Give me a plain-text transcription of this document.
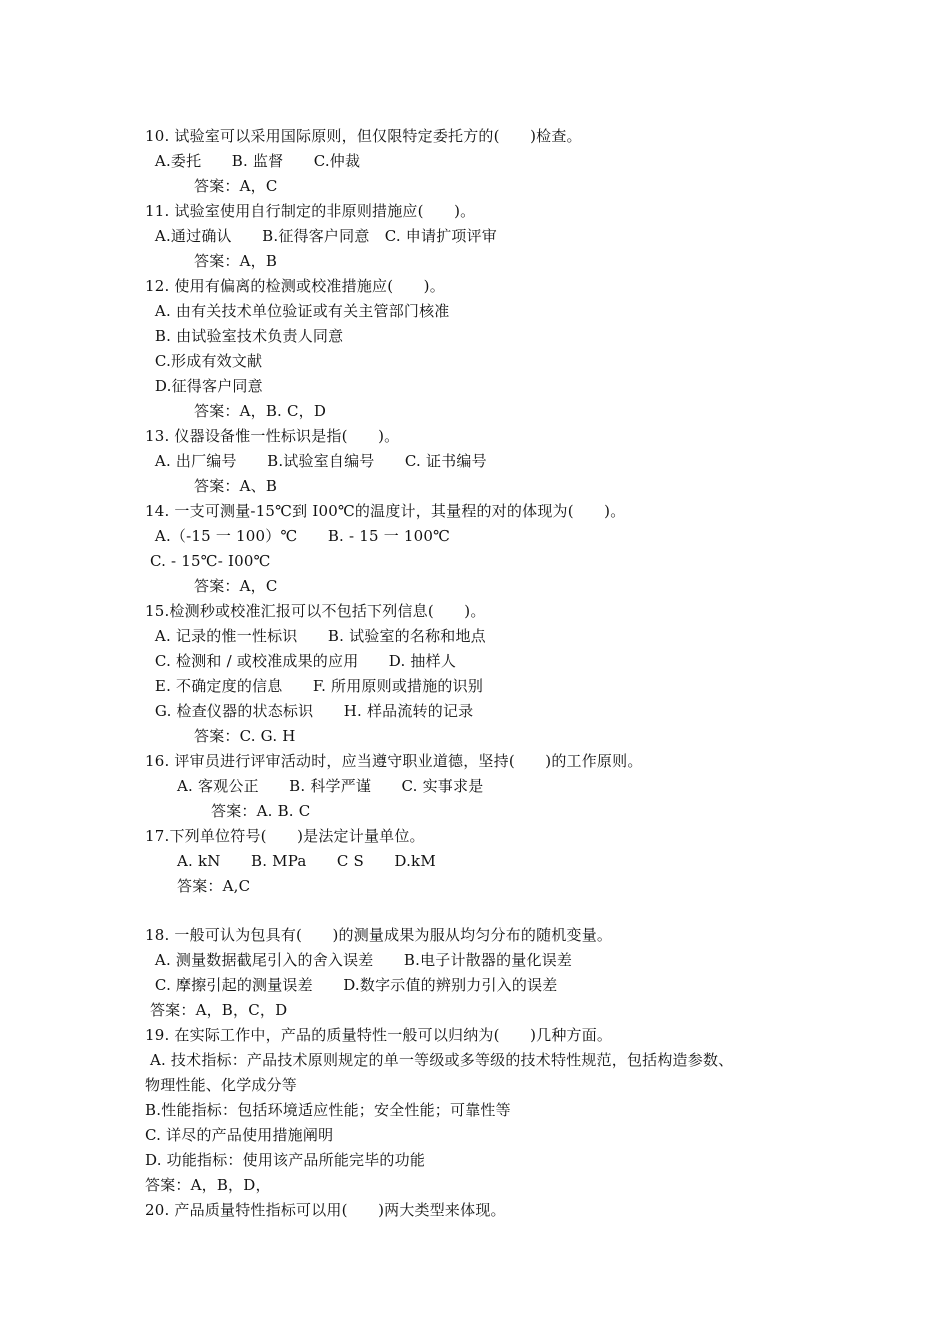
10. 试验室可以采用国际原则，但仅限特定委托方的(　　)检查。
A.委托　　B. 监督　　C.仲裁
答案：A，C
11. 试验室使用自行制定的非原则措施应(　　)。
A.通过确认　　B.征得客户同意　C. 申请扩项评审
答案：A，B
12. 使用有偏离的检测或校准措施应(　　)。
A. 由有关技术单位验证或有关主管部门核准
B. 由试验室技术负责人同意
C.形成有效文献
D.征得客户同意
答案：A，B. C，D
13. 仪器设备惟一性标识是指(　　)。
A. 出厂编号　　B.试验室自编号　　C. 证书编号
答案：A、B
14. 一支可测量-15℃到 I00℃的温度计，其量程的对的体现为(　　)。
A.（-15 一 100）℃　　B. - 15 一 100℃
C. - 15℃- I00℃
答案：A，C
15.检测秒或校准汇报可以不包括下列信息(　　)。
A. 记录的惟一性标识　　B. 试验室的名称和地点
C. 检测和 / 或校准成果的应用　　D. 抽样人
E. 不确定度的信息　　F. 所用原则或措施的识别
G. 检查仪器的状态标识　　H. 样品流转的记录
答案：C. G. H
16. 评审员进行评审活动时，应当遵守职业道德，坚持(　　)的工作原则。
A. 客观公正　　B. 科学严谨　　C. 实事求是
答案：A. B. C
17.下列单位符号(　　)是法定计量单位。
A. kN　　B. MPa　　C S　　D.kM
答案：A,C
18. 一般可认为包具有(　　)的测量成果为服从均匀分布的随机变量。
A. 测量数据截尾引入的舍入误差　　B.电子计散器的量化误差
C. 摩擦引起的测量误差　　D.数字示值的辨别力引入的误差
答案：A，B，C，D
19. 在实际工作中，产品的质量特性一般可以归纳为(　　)几种方面。
A. 技术指标：产品技术原则规定的单一等级或多等级的技术特性规范，包括构造参数、
物理性能、化学成分等
B.性能指标：包括环境适应性能；安全性能；可靠性等
C. 详尽的产品使用措施阐明
D. 功能指标：使用该产品所能完毕的功能
答案：A，B，D，
20. 产品质量特性指标可以用(　　)两大类型来体现。
